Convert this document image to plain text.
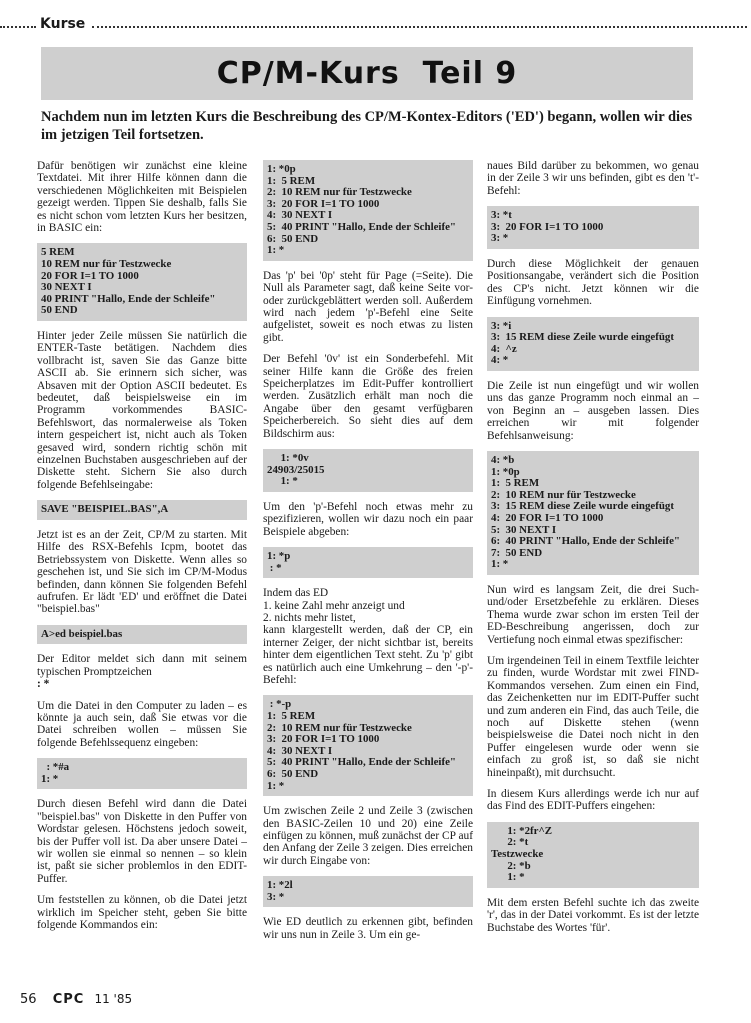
Kurse
CP/M-Kurs  Teil 9
Nachdem nun im letzten Kurs die Beschreibung des CP/M-Kontex-Editors ('ED') begann, wollen wir dies im jetzigen Teil fortsetzen.

Dafür benötigen wir zunächst eine kleine Textdatei. Mit ihrer Hilfe können dann die verschiedenen Möglichkeiten mit Beispielen gezeigt werden. Tippen Sie deshalb, falls Sie es nicht schon vom letzten Kurs her besitzen, in BASIC ein:

5 REM
10 REM nur für Testzwecke
20 FOR I=1 TO 1000
30 NEXT I
40 PRINT "Hallo, Ende der Schleife"
50 END

Hinter jeder Zeile müssen Sie natürlich die ENTER-Taste betätigen. Nachdem dies vollbracht ist, saven Sie das Ganze bitte ASCII ab. Sie erinnern sich sicher, was Absaven mit der Option ASCII bedeutet. Es bedeutet, daß beispielsweise ein im Programm vorkommendes BASIC-Befehlswort, das normalerweise als Token intern gespeichert ist, nicht auch als Token gesaved wird, sondern richtig schön mit einzelnen Buchstaben ausgeschrieben auf der Diskette steht. Sichern Sie also durch folgende Befehlseingabe:

SAVE "BEISPIEL.BAS",A

Jetzt ist es an der Zeit, CP/M zu starten. Mit Hilfe des RSX-Befehls Icpm, bootet das Betriebssystem von Diskette. Wenn alles so geschehen ist, und Sie sich im CP/M-Modus befinden, dann können Sie folgenden Befehl aufrufen. Er lädt 'ED' und eröffnet die Datei "beispiel.bas"

A>ed beispiel.bas

Der Editor meldet sich dann mit seinem typischen Promptzeichen

: *

Um die Datei in den Computer zu laden – es könnte ja auch sein, daß Sie etwas vor die Datei schreiben wollen – müssen Sie folgende Befehlssequenz eingeben:

: *#a
1: *

Durch diesen Befehl wird dann die Datei "beispiel.bas" von Diskette in den Puffer von Wordstar gelesen. Höchstens jedoch soweit, bis der Puffer voll ist. Da aber unsere Datei – wir wollen sie einmal so nennen – so klein ist, paßt sie sicher problemlos in den EDIT-Puffer.

Um feststellen zu können, ob die Datei jetzt wirklich im Speicher steht, geben Sie bitte folgende Kommandos ein:

1: *0p
1:  5 REM
2:  10 REM nur für Testzwecke
3:  20 FOR I=1 TO 1000
4:  30 NEXT I
5:  40 PRINT "Hallo, Ende der Schleife"
6:  50 END
1: *

Das 'p' bei '0p' steht für Page (=Seite). Die Null als Parameter sagt, daß keine Seite vor- oder zurückgeblättert werden soll. Außerdem wird nach jedem 'p'-Befehl eine Seite aufgelistet, soweit es noch etwas zu listen gibt.

Der Befehl '0v' ist ein Sonderbefehl. Mit seiner Hilfe kann die Größe des freien Speicherplatzes im Edit-Puffer kontrolliert werden. Zusätzlich erhält man noch die Angabe über den gesamt verfügbaren Speicherbereich. So sieht dies auf dem Bildschirm aus:

1: *0v
24903/25015
1: *

Um den 'p'-Befehl noch etwas mehr zu spezifizieren, wollen wir dazu noch ein paar Beispiele abgeben:

1: *p
: *

Indem das ED
1. keine Zahl mehr anzeigt und
2. nichts mehr listet,
kann klargestellt werden, daß der CP, ein interner Zeiger, der nicht sichtbar ist, bereits hinter dem eigentlichen Text steht. Zu 'p' gibt es natürlich auch eine Umkehrung – den '-p'-Befehl:

: *-p
1:  5 REM
2:  10 REM nur für Testzwecke
3:  20 FOR I=1 TO 1000
4:  30 NEXT I
5:  40 PRINT "Hallo, Ende der Schleife"
6:  50 END
1: *

Um zwischen Zeile 2 und Zeile 3 (zwischen den BASIC-Zeilen 10 und 20) eine Zeile einfügen zu können, muß zunächst der CP auf den Anfang der Zeile 3 zeigen. Dies erreichen wir durch Eingabe von:

1: *2l
3: *

Wie ED deutlich zu erkennen gibt, befinden wir uns nun in Zeile 3. Um ein ge-

naues Bild darüber zu bekommen, wo genau in der Zeile 3 wir uns befinden, gibt es den 't'-Befehl:

3: *t
3:  20 FOR I=1 TO 1000
3: *

Durch diese Möglichkeit der genauen Positionsangabe, verändert sich die Position des CP's nicht. Jetzt können wir die Einfügung vornehmen.

3: *i
3:  15 REM diese Zeile wurde eingefügt
4:  ^z
4: *

Die Zeile ist nun eingefügt und wir wollen uns das ganze Programm noch einmal an – von Beginn an – ausgeben lassen. Dies erreichen wir mit folgender Befehlsanweisung:

4: *b
1: *0p
1:  5 REM
2:  10 REM nur für Testzwecke
3:  15 REM diese Zeile wurde eingefügt
4:  20 FOR I=1 TO 1000
5:  30 NEXT I
6:  40 PRINT "Hallo, Ende der Schleife"
7:  50 END
1: *

Nun wird es langsam Zeit, die drei Such- und/oder Ersetzbefehle zu erklären. Dieses Thema wurde zwar schon im ersten Teil der ED-Beschreibung angerissen, doch zur Vertiefung noch einmal etwas spezifischer:

Um irgendeinen Teil in einem Textfile leichter zu finden, wurde Wordstar mit zwei FIND-Kommandos versehen. Zum einen ein Find, das Zeichenketten nur im EDIT-Puffer sucht und zum anderen ein Find, das auch Teile, die noch auf Diskette stehen (wenn beispielsweise die Datei noch nicht in den Puffer eingelesen wurde oder wenn sie einfach zu groß ist, so daß sie nicht hineinpaßt), mit durchsucht.

In diesem Kurs allerdings werde ich nur auf das Find des EDIT-Puffers eingehen:

1: *2fr^Z
2: *t
Testzwecke
2: *b
1: *

Mit dem ersten Befehl suchte ich das zweite 'r', das in der Datei vorkommt. Es ist der letzte Buchstabe des Wortes 'für'.

56 CPC 11 '85
